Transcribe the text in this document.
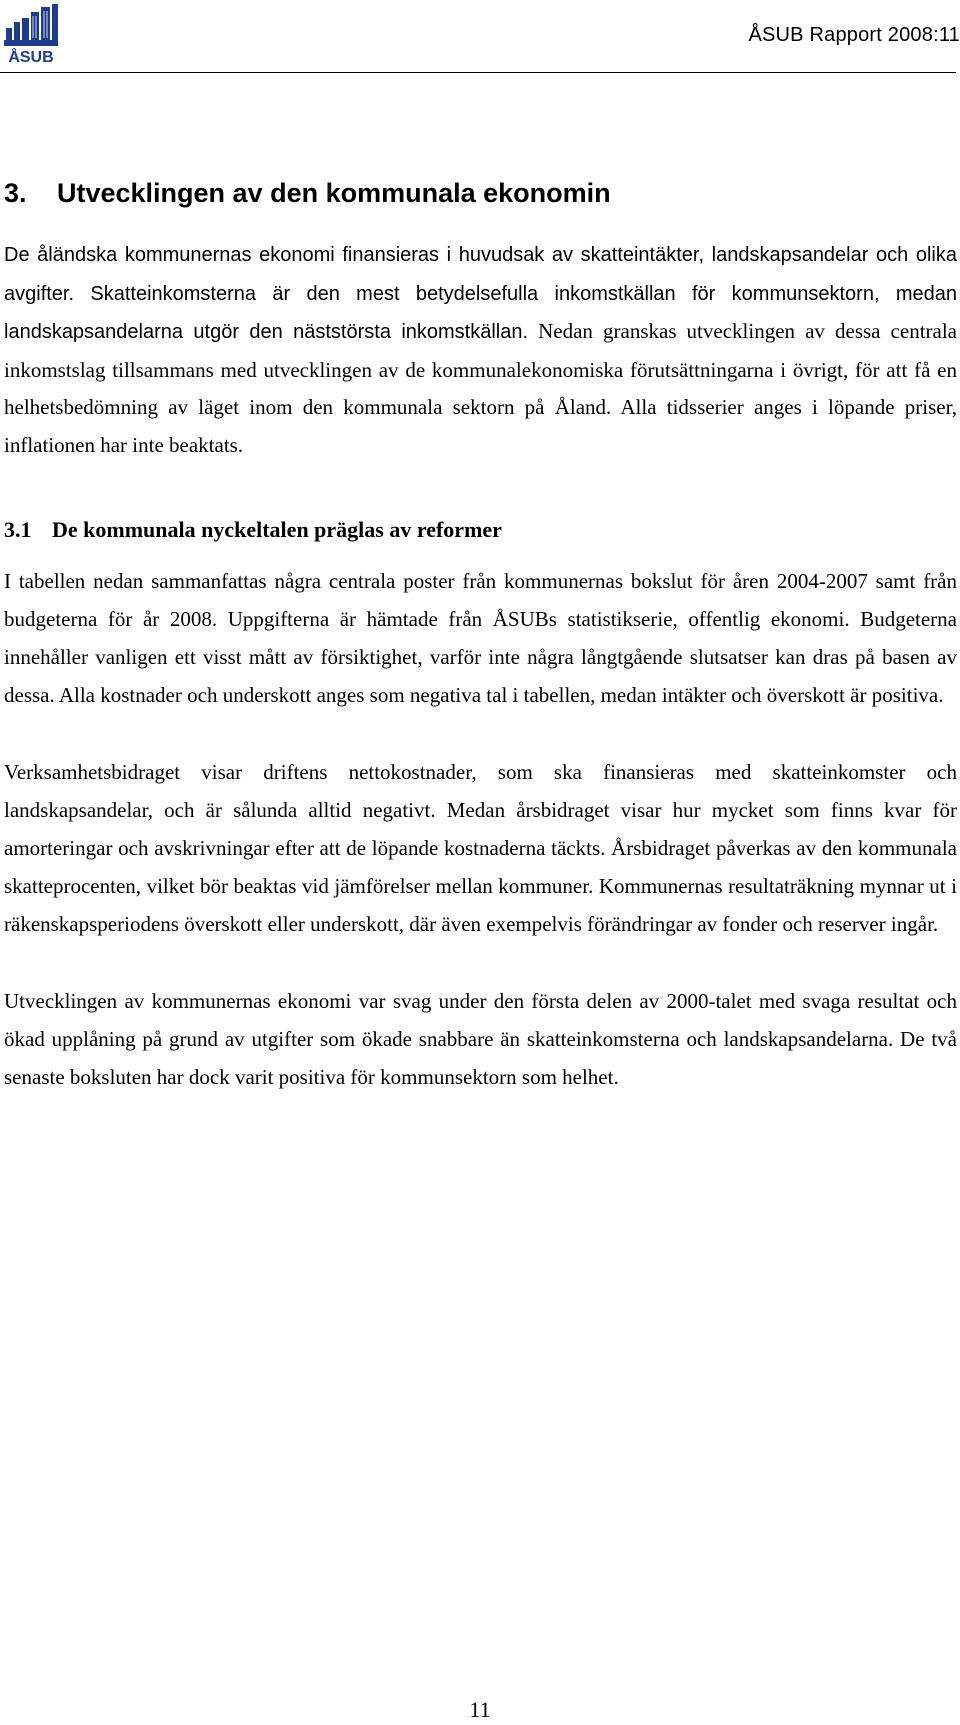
ÅSUB
ÅSUB Rapport 2008:11
3. Utvecklingen av den kommunala ekonomin

De åländska kommunernas ekonomi finansieras i huvudsak av skatteintäkter, landskapsandelar och olika avgifter. Skatteinkomsterna är den mest betydelsefulla inkomstkällan för kommunsektorn, medan landskapsandelarna utgör den näststörsta inkomstkällan. Nedan granskas utvecklingen av dessa centrala inkomstslag tillsammans med utvecklingen av de kommunalekonomiska förutsättningarna i övrigt, för att få en helhetsbedömning av läget inom den kommunala sektorn på Åland. Alla tidsserier anges i löpande priser, inflationen har inte beaktats.

3.1 De kommunala nyckeltalen präglas av reformer

I tabellen nedan sammanfattas några centrala poster från kommunernas bokslut för åren 2004-2007 samt från budgeterna för år 2008. Uppgifterna är hämtade från ÅSUBs statistikserie, offentlig ekonomi. Budgeterna innehåller vanligen ett visst mått av försiktighet, varför inte några långtgående slutsatser kan dras på basen av dessa. Alla kostnader och underskott anges som negativa tal i tabellen, medan intäkter och överskott är positiva.

Verksamhetsbidraget visar driftens nettokostnader, som ska finansieras med skatteinkomster och landskapsandelar, och är sålunda alltid negativt. Medan årsbidraget visar hur mycket som finns kvar för amorteringar och avskrivningar efter att de löpande kostnaderna täckts. Årsbidraget påverkas av den kommunala skatteprocenten, vilket bör beaktas vid jämförelser mellan kommuner. Kommunernas resultaträkning mynnar ut i räkenskapsperiodens överskott eller underskott, där även exempelvis förändringar av fonder och reserver ingår.

Utvecklingen av kommunernas ekonomi var svag under den första delen av 2000-talet med svaga resultat och ökad upplåning på grund av utgifter som ökade snabbare än skatteinkomsterna och landskapsandelarna. De två senaste boksluten har dock varit positiva för kommunsektorn som helhet.

11
